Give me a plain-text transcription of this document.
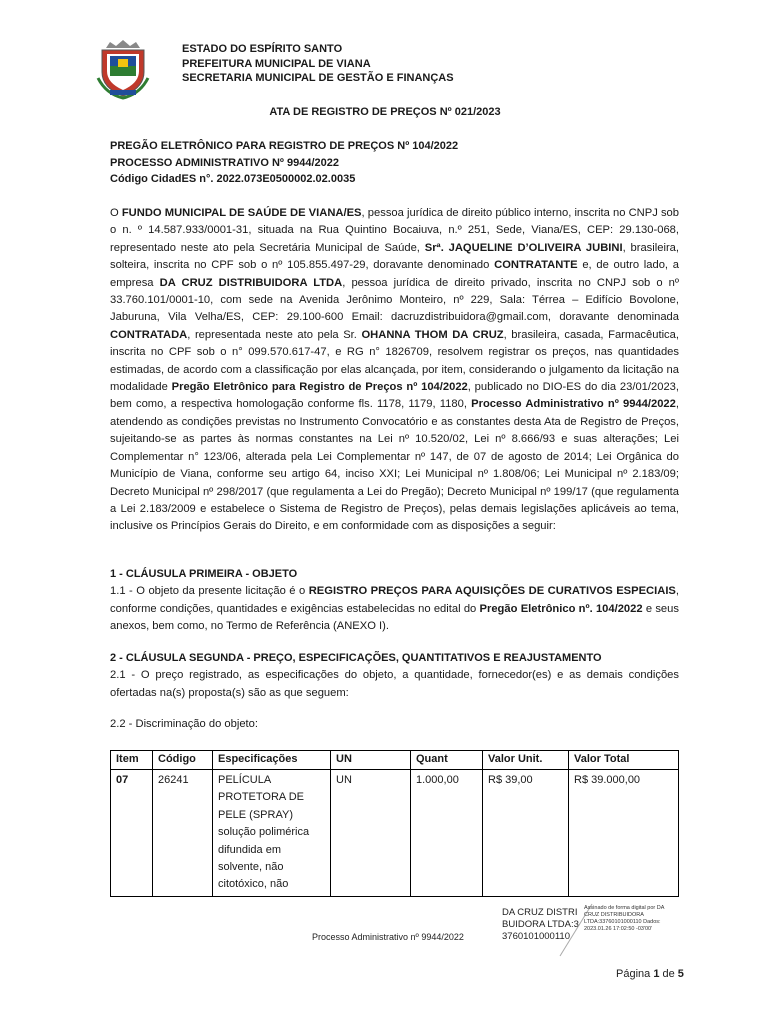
ESTADO DO ESPÍRITO SANTO
PREFEITURA MUNICIPAL DE VIANA
SECRETARIA MUNICIPAL DE GESTÃO E FINANÇAS
ATA DE REGISTRO DE PREÇOS Nº 021/2023
PREGÃO ELETRÔNICO PARA REGISTRO DE PREÇOS Nº 104/2022
PROCESSO ADMINISTRATIVO Nº 9944/2022
Código CidadES n°. 2022.073E0500002.02.0035
O FUNDO MUNICIPAL DE SAÚDE DE VIANA/ES, pessoa jurídica de direito público interno, inscrita no CNPJ sob o n. º 14.587.933/0001-31, situada na Rua Quintino Bocaiuva, n.º 251, Sede, Viana/ES, CEP: 29.130-068, representado neste ato pela Secretária Municipal de Saúde, Srª. JAQUELINE D’OLIVEIRA JUBINI, brasileira, solteira, inscrita no CPF sob o nº 105.855.497-29, doravante denominado CONTRATANTE e, de outro lado, a empresa DA CRUZ DISTRIBUIDORA LTDA, pessoa jurídica de direito privado, inscrita no CNPJ sob o nº 33.760.101/0001-10, com sede na Avenida Jerônimo Monteiro, nº 229, Sala: Térrea – Edifício Bovolone, Jaburuna, Vila Velha/ES, CEP: 29.100-600 Email: dacruzdistribuidora@gmail.com, doravante denominada CONTRATADA, representada neste ato pela Sr. OHANNA THOM DA CRUZ, brasileira, casada, Farmacêutica, inscrita no CPF sob o n° 099.570.617-47, e RG n° 1826709, resolvem registrar os preços, nas quantidades estimadas, de acordo com a classificação por elas alcançada, por item, considerando o julgamento da licitação na modalidade Pregão Eletrônico para Registro de Preços nº 104/2022, publicado no DIO-ES do dia 23/01/2023, bem como, a respectiva homologação conforme fls. 1178, 1179, 1180, Processo Administrativo nº 9944/2022, atendendo as condições previstas no Instrumento Convocatório e as constantes desta Ata de Registro de Preços, sujeitando-se as partes às normas constantes na Lei nº 10.520/02, Lei nº 8.666/93 e suas alterações; Lei Complementar n° 123/06, alterada pela Lei Complementar nº 147, de 07 de agosto de 2014; Lei Orgânica do Município de Viana, conforme seu artigo 64, inciso XXI; Lei Municipal nº 1.808/06; Lei Municipal nº 2.183/09; Decreto Municipal nº 298/2017 (que regulamenta a Lei do Pregão); Decreto Municipal nº 199/17 (que regulamenta a Lei 2.183/2009 e estabelece o Sistema de Registro de Preços), pelas demais legislações aplicáveis ao tema, inclusive os Princípios Gerais do Direito, e em conformidade com as disposições a seguir:
1 - CLÁUSULA PRIMEIRA - OBJETO
1.1 - O objeto da presente licitação é o REGISTRO PREÇOS PARA AQUISIÇÕES DE CURATIVOS ESPECIAIS, conforme condições, quantidades e exigências estabelecidas no edital do Pregão Eletrônico nº. 104/2022 e seus anexos, bem como, no Termo de Referência (ANEXO I).
2 - CLÁUSULA SEGUNDA - PREÇO, ESPECIFICAÇÕES, QUANTITATIVOS E REAJUSTAMENTO
2.1 - O preço registrado, as especificações do objeto, a quantidade, fornecedor(es) e as demais condições ofertadas na(s) proposta(s) são as que seguem:
2.2 - Discriminação do objeto:
Item	Código	Especificações	UN	Quant	Valor Unit.	Valor Total
07	26241	PELÍCULA PROTETORA DE PELE (SPRAY) solução polimérica difundida em solvente, não citotóxico, não	UN	1.000,00	R$ 39,00	R$ 39.000,00
Processo Administrativo nº 9944/2022
DA CRUZ DISTRIBUIDORA LTDA:33760101000110
Assinado de forma digital por DA CRUZ DISTRIBUIDORA LTDA:33760101000110 Dados: 2023.01.26 17:02:50 -03'00'
Página 1 de 5
